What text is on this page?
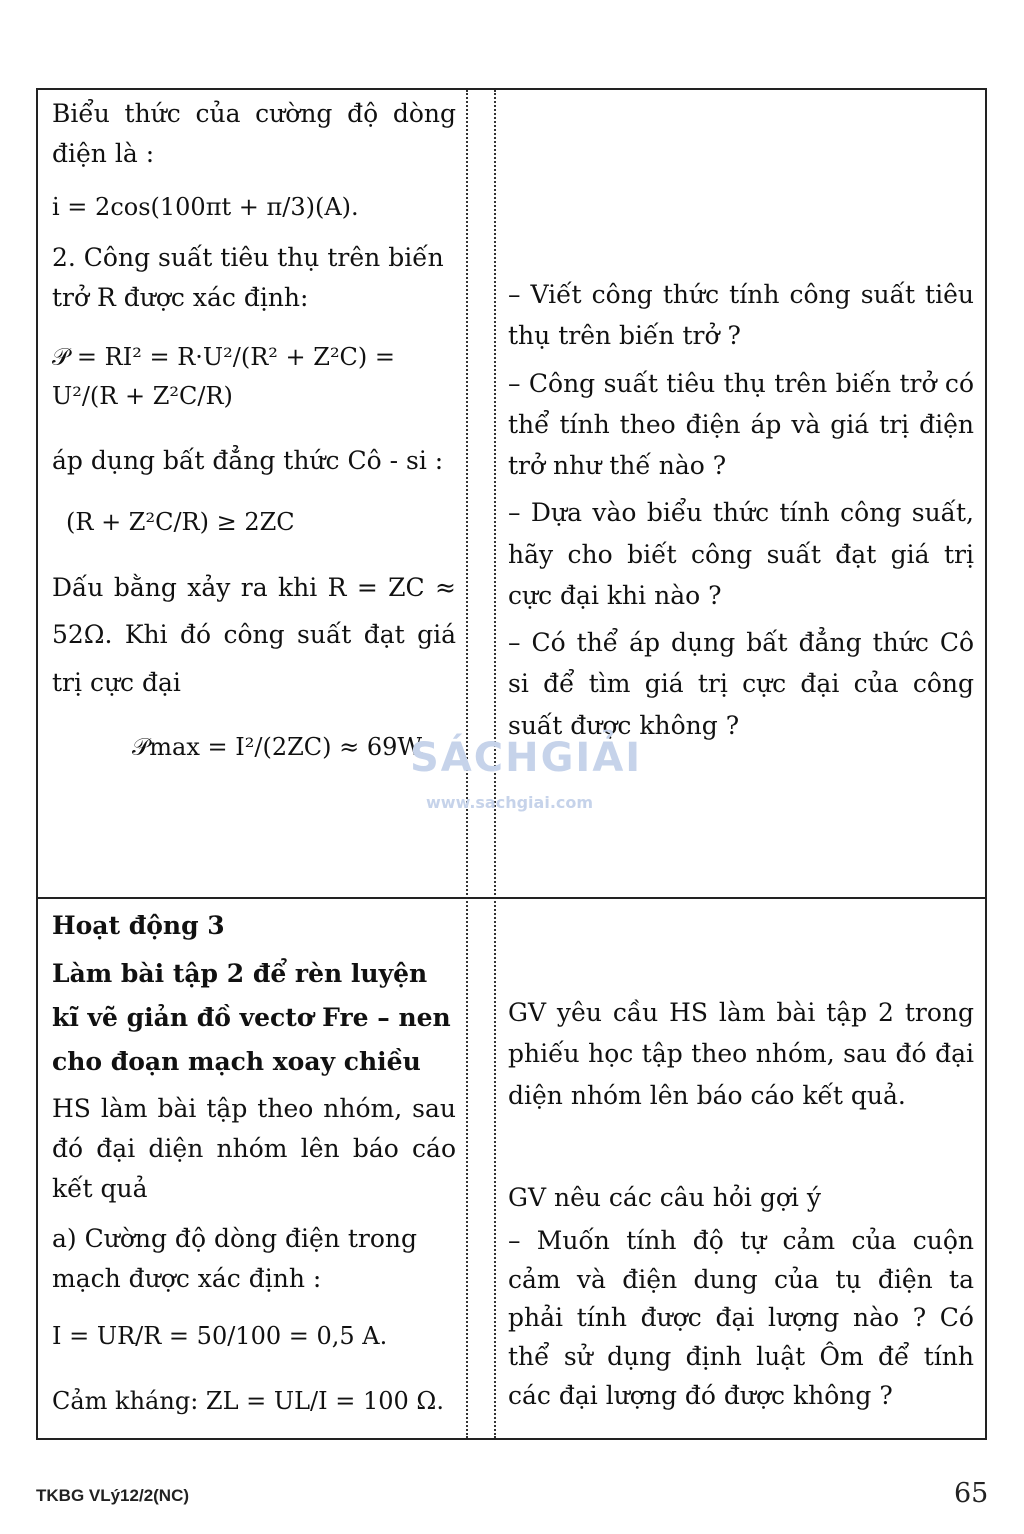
Biểu thức của cường độ dòng điện là :

i = 2cos(100πt + π/3)(A).

2. Công suất tiêu thụ trên biến trở R được xác định:

𝒫 = RI² = R·U²/(R² + Z²C) = U²/(R + Z²C/R)

áp dụng bất đẳng thức Cô - si :

(R + Z²C/R) ≥ 2ZC

Dấu bằng xảy ra khi R = ZC ≈ 52Ω. Khi đó công suất đạt giá trị cực đại

𝒫max = I²/(2ZC) ≈ 69W.

– Viết công thức tính công suất tiêu thụ trên biến trở ?

– Công suất tiêu thụ trên biến trở có thể tính theo điện áp và giá trị điện trở như thế nào ?

– Dựa vào biểu thức tính công suất, hãy cho biết công suất đạt giá trị cực đại khi nào ?

– Có thể áp dụng bất đẳng thức Cô si để tìm giá trị cực đại của công suất được không ?

Hoạt động 3

Làm bài tập 2 để rèn luyện kĩ vẽ giản đồ vectơ Fre – nen cho đoạn mạch xoay chiều

HS làm bài tập theo nhóm, sau đó đại diện nhóm lên báo cáo kết quả

a) Cường độ dòng điện trong mạch được xác định :

I = UR/R = 50/100 = 0,5 A.

Cảm kháng: ZL = UL/I = 100 Ω.

GV yêu cầu HS làm bài tập 2 trong phiếu học tập theo nhóm, sau đó đại diện nhóm lên báo cáo kết quả.

GV nêu các câu hỏi gợi ý

– Muốn tính độ tự cảm của cuộn cảm và điện dung của tụ điện ta phải tính được đại lượng nào ? Có thể sử dụng định luật Ôm để tính các đại lượng đó được không ?

SÁCHGIẢI
www.sachgiai.com
TKBG VLý12/2(NC)	65
